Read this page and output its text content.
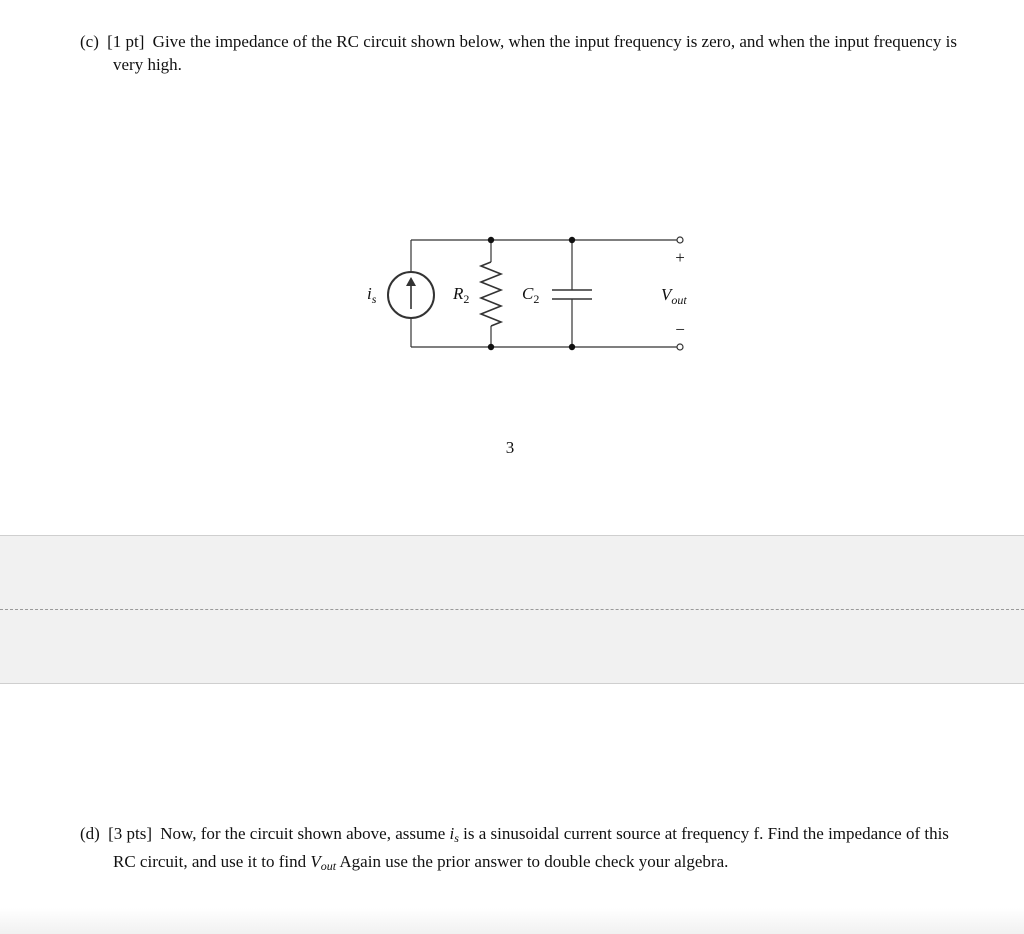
(c) [1 pt] Give the impedance of the RC circuit shown below, when the input frequency is zero, and when the input frequency is very high.
$i_s$	$R_2$	$C_2$	$V_{out}$
+
−
3
(d) [3 pts] Now, for the circuit shown above, assume $i_s$ is a sinusoidal current source at frequency f. Find the impedance of this RC circuit, and use it to find $V_{out}$ Again use the prior answer to double check your algebra.
